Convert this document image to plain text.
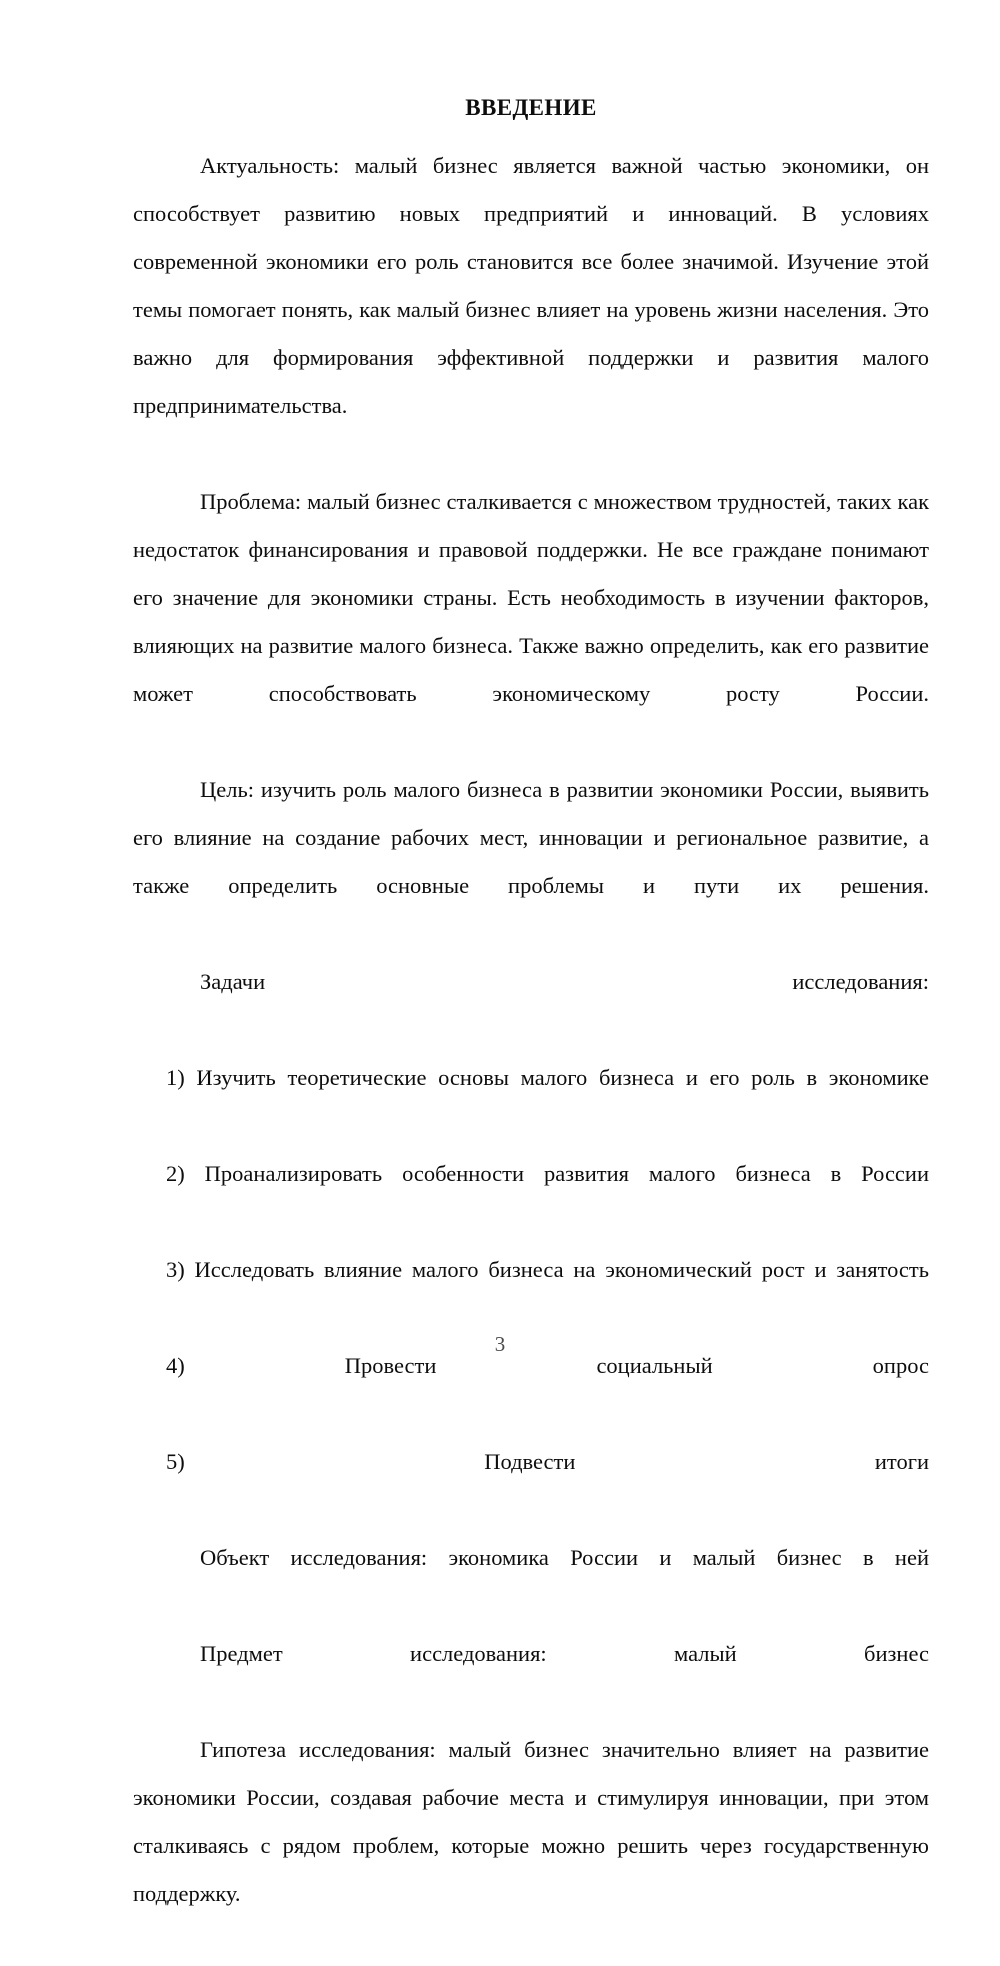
ВВЕДЕНИЕ

Актуальность: малый бизнес является важной частью экономики, он способствует развитию новых предприятий и инноваций. В условиях современной экономики его роль становится все более значимой. Изучение этой темы помогает понять, как малый бизнес влияет на уровень жизни населения. Это важно для формирования эффективной поддержки и развития малого предпринимательства.

Проблема: малый бизнес сталкивается с множеством трудностей, таких как недостаток финансирования и правовой поддержки. Не все граждане понимают его значение для экономики страны. Есть необходимость в изучении факторов, влияющих на развитие малого бизнеса. Также важно определить, как его развитие может способствовать экономическому росту России.

Цель: изучить роль малого бизнеса в развитии экономики России, выявить его влияние на создание рабочих мест, инновации и региональное развитие, а также определить основные проблемы и пути их решения.

Задачи исследования:

1) Изучить теоретические основы малого бизнеса и его роль в экономике

2) Проанализировать особенности развития малого бизнеса в России

3) Исследовать влияние малого бизнеса на экономический рост и занятость

4) Провести социальный опрос

5) Подвести итоги

Объект исследования: экономика России и малый бизнес в ней

Предмет исследования: малый бизнес

Гипотеза исследования: малый бизнес значительно влияет на развитие экономики России, создавая рабочие места и стимулируя инновации, при этом сталкиваясь с рядом проблем, которые можно решить через государственную поддержку.

3
